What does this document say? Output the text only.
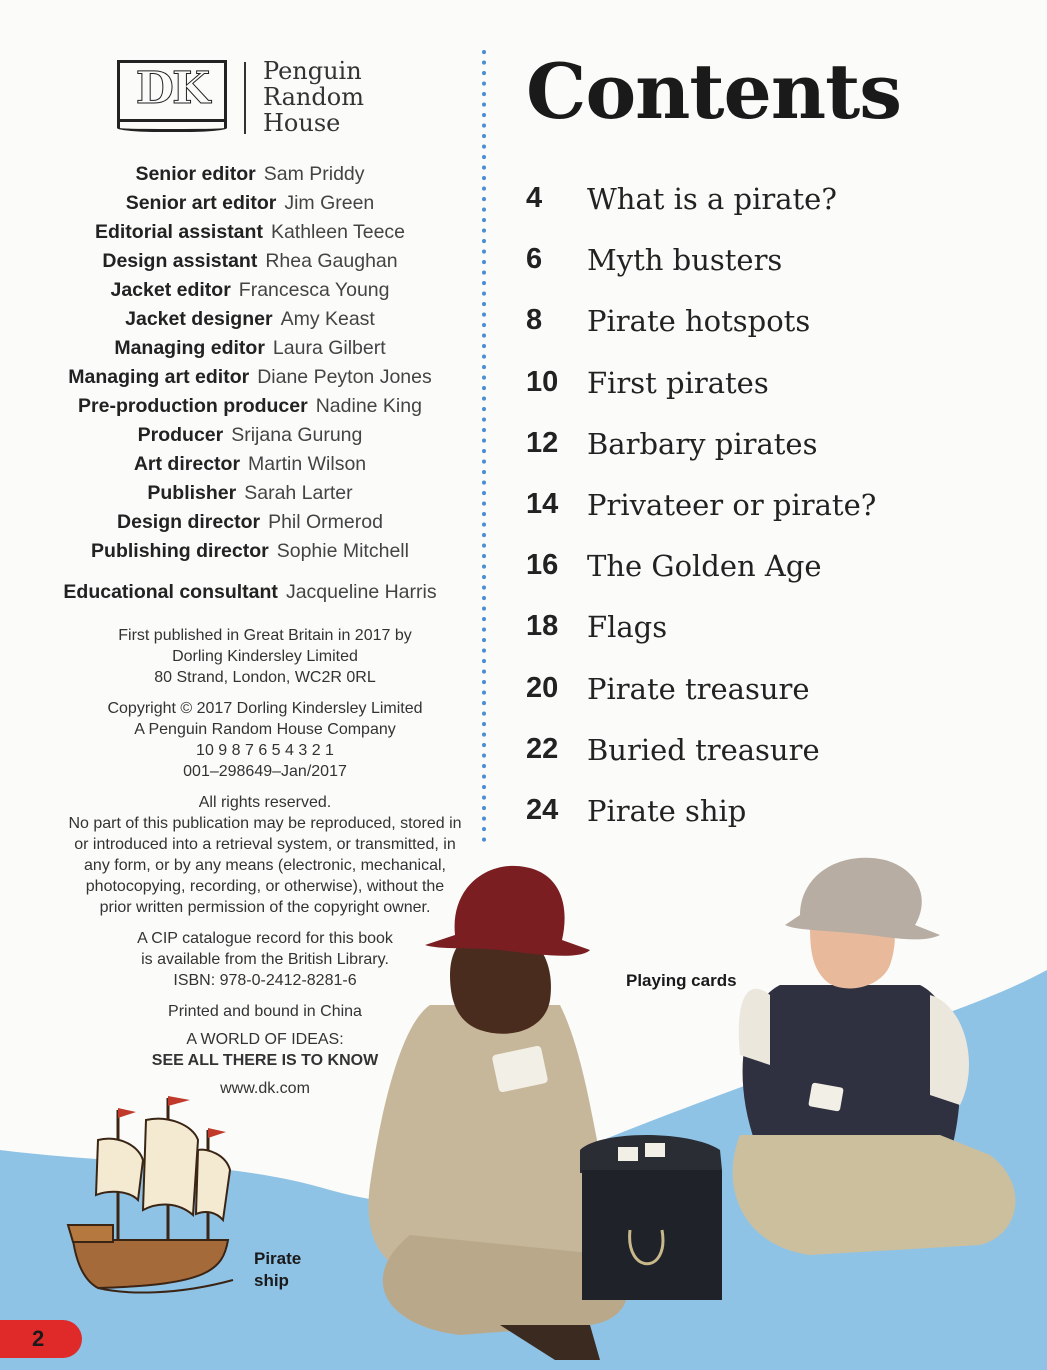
DK	Penguin
Random
House
Senior editor Sam Priddy
Senior art editor Jim Green
Editorial assistant Kathleen Teece
Design assistant Rhea Gaughan
Jacket editor Francesca Young
Jacket designer Amy Keast
Managing editor Laura Gilbert
Managing art editor Diane Peyton Jones
Pre-production producer Nadine King
Producer Srijana Gurung
Art director Martin Wilson
Publisher Sarah Larter
Design director Phil Ormerod
Publishing director Sophie Mitchell
Educational consultant Jacqueline Harris
First published in Great Britain in 2017 by
Dorling Kindersley Limited
80 Strand, London, WC2R 0RL
Copyright © 2017 Dorling Kindersley Limited
A Penguin Random House Company
10 9 8 7 6 5 4 3 2 1
001–298649–Jan/2017
All rights reserved.
No part of this publication may be reproduced, stored in
or introduced into a retrieval system, or transmitted, in
any form, or by any means (electronic, mechanical,
photocopying, recording, or otherwise), without the
prior written permission of the copyright owner.
A CIP catalogue record for this book
is available from the British Library.
ISBN: 978-0-2412-8281-6
Printed and bound in China
A WORLD OF IDEAS:
SEE ALL THERE IS TO KNOW
www.dk.com
Contents
4 What is a pirate?
6 Myth busters
8 Pirate hotspots
10 First pirates
12 Barbary pirates
14 Privateer or pirate?
16 The Golden Age
18 Flags
20 Pirate treasure
22 Buried treasure
24 Pirate ship
Playing cards
Pirate
ship
2
